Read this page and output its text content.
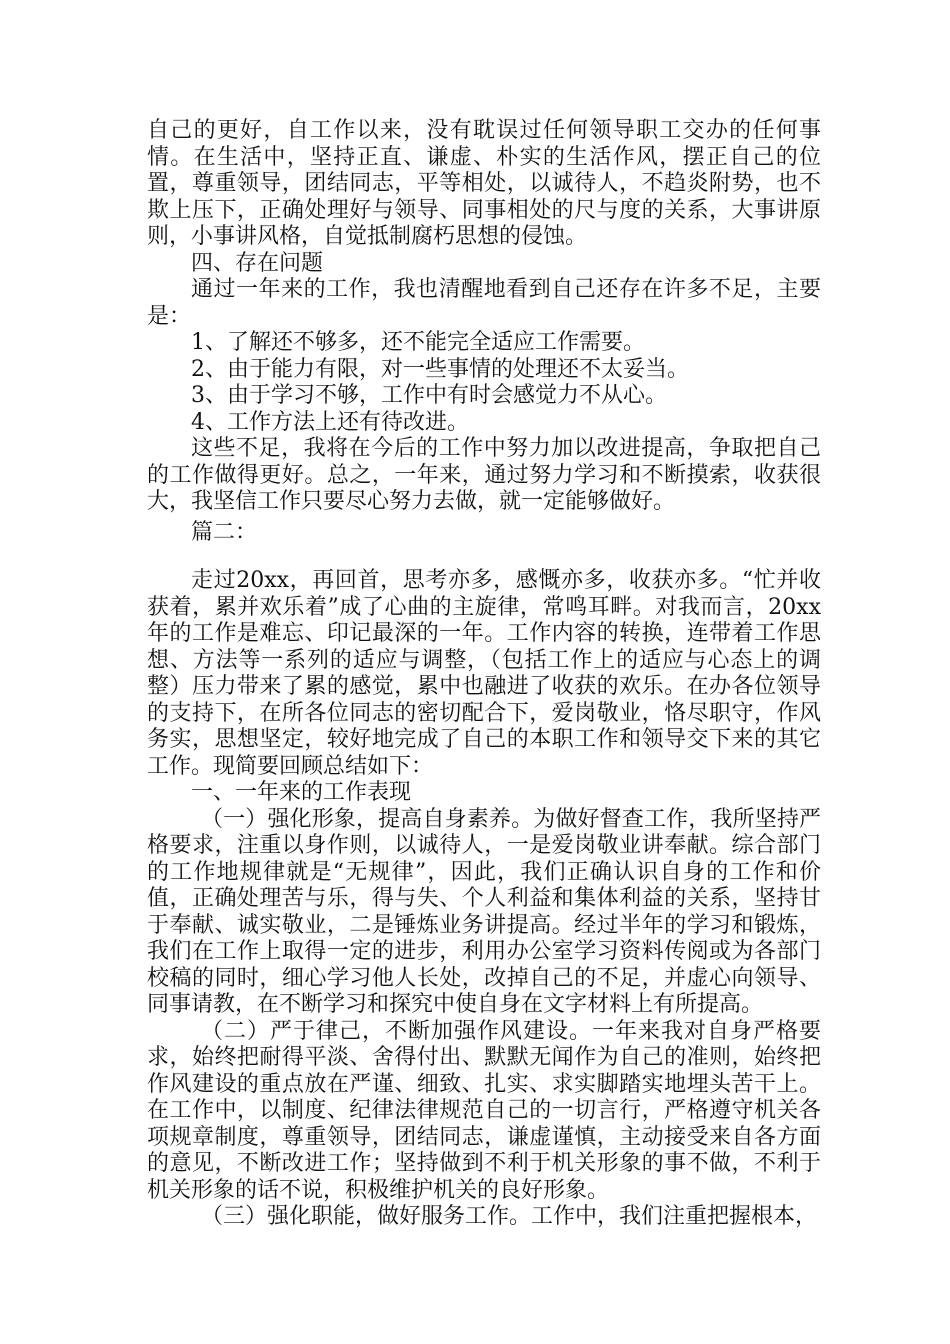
自己的更好，自工作以来，没有耽误过任何领导职工交办的任何事情。在生活中，坚持正直、谦虚、朴实的生活作风，摆正自己的位置，尊重领导，团结同志，平等相处，以诚待人，不趋炎附势，也不欺上压下，正确处理好与领导、同事相处的尺与度的关系，大事讲原则，小事讲风格，自觉抵制腐朽思想的侵蚀。

四、存在问题

通过一年来的工作，我也清醒地看到自己还存在许多不足，主要是：

1、了解还不够多，还不能完全适应工作需要。

2、由于能力有限，对一些事情的处理还不太妥当。

3、由于学习不够，工作中有时会感觉力不从心。

4、工作方法上还有待改进。

这些不足，我将在今后的工作中努力加以改进提高，争取把自己的工作做得更好。总之，一年来，通过努力学习和不断摸索，收获很大，我坚信工作只要尽心努力去做，就一定能够做好。

篇二：

走过20xx，再回首，思考亦多，感慨亦多，收获亦多。“忙并收获着，累并欢乐着”成了心曲的主旋律，常鸣耳畔。对我而言，20xx年的工作是难忘、印记最深的一年。工作内容的转换，连带着工作思想、方法等一系列的适应与调整，（包括工作上的适应与心态上的调整）压力带来了累的感觉，累中也融进了收获的欢乐。在办各位领导的支持下，在所各位同志的密切配合下，爱岗敬业，恪尽职守，作风务实，思想坚定，较好地完成了自己的本职工作和领导交下来的其它工作。现简要回顾总结如下：

一、一年来的工作表现

（一）强化形象，提高自身素养。为做好督查工作，我所坚持严格要求，注重以身作则，以诚待人，一是爱岗敬业讲奉献。综合部门的工作地规律就是“无规律”，因此，我们正确认识自身的工作和价值，正确处理苦与乐，得与失、个人利益和集体利益的关系，坚持甘于奉献、诚实敬业，二是锤炼业务讲提高。经过半年的学习和锻炼，我们在工作上取得一定的进步，利用办公室学习资料传阅或为各部门校稿的同时，细心学习他人长处，改掉自己的不足，并虚心向领导、同事请教，在不断学习和探究中使自身在文字材料上有所提高。

（二）严于律己，不断加强作风建设。一年来我对自身严格要求，始终把耐得平淡、舍得付出、默默无闻作为自己的准则，始终把作风建设的重点放在严谨、细致、扎实、求实脚踏实地埋头苦干上。在工作中，以制度、纪律法律规范自己的一切言行，严格遵守机关各项规章制度，尊重领导，团结同志，谦虚谨慎，主动接受来自各方面的意见，不断改进工作；坚持做到不利于机关形象的事不做，不利于机关形象的话不说，积极维护机关的良好形象。

（三）强化职能，做好服务工作。工作中，我们注重把握根本，
